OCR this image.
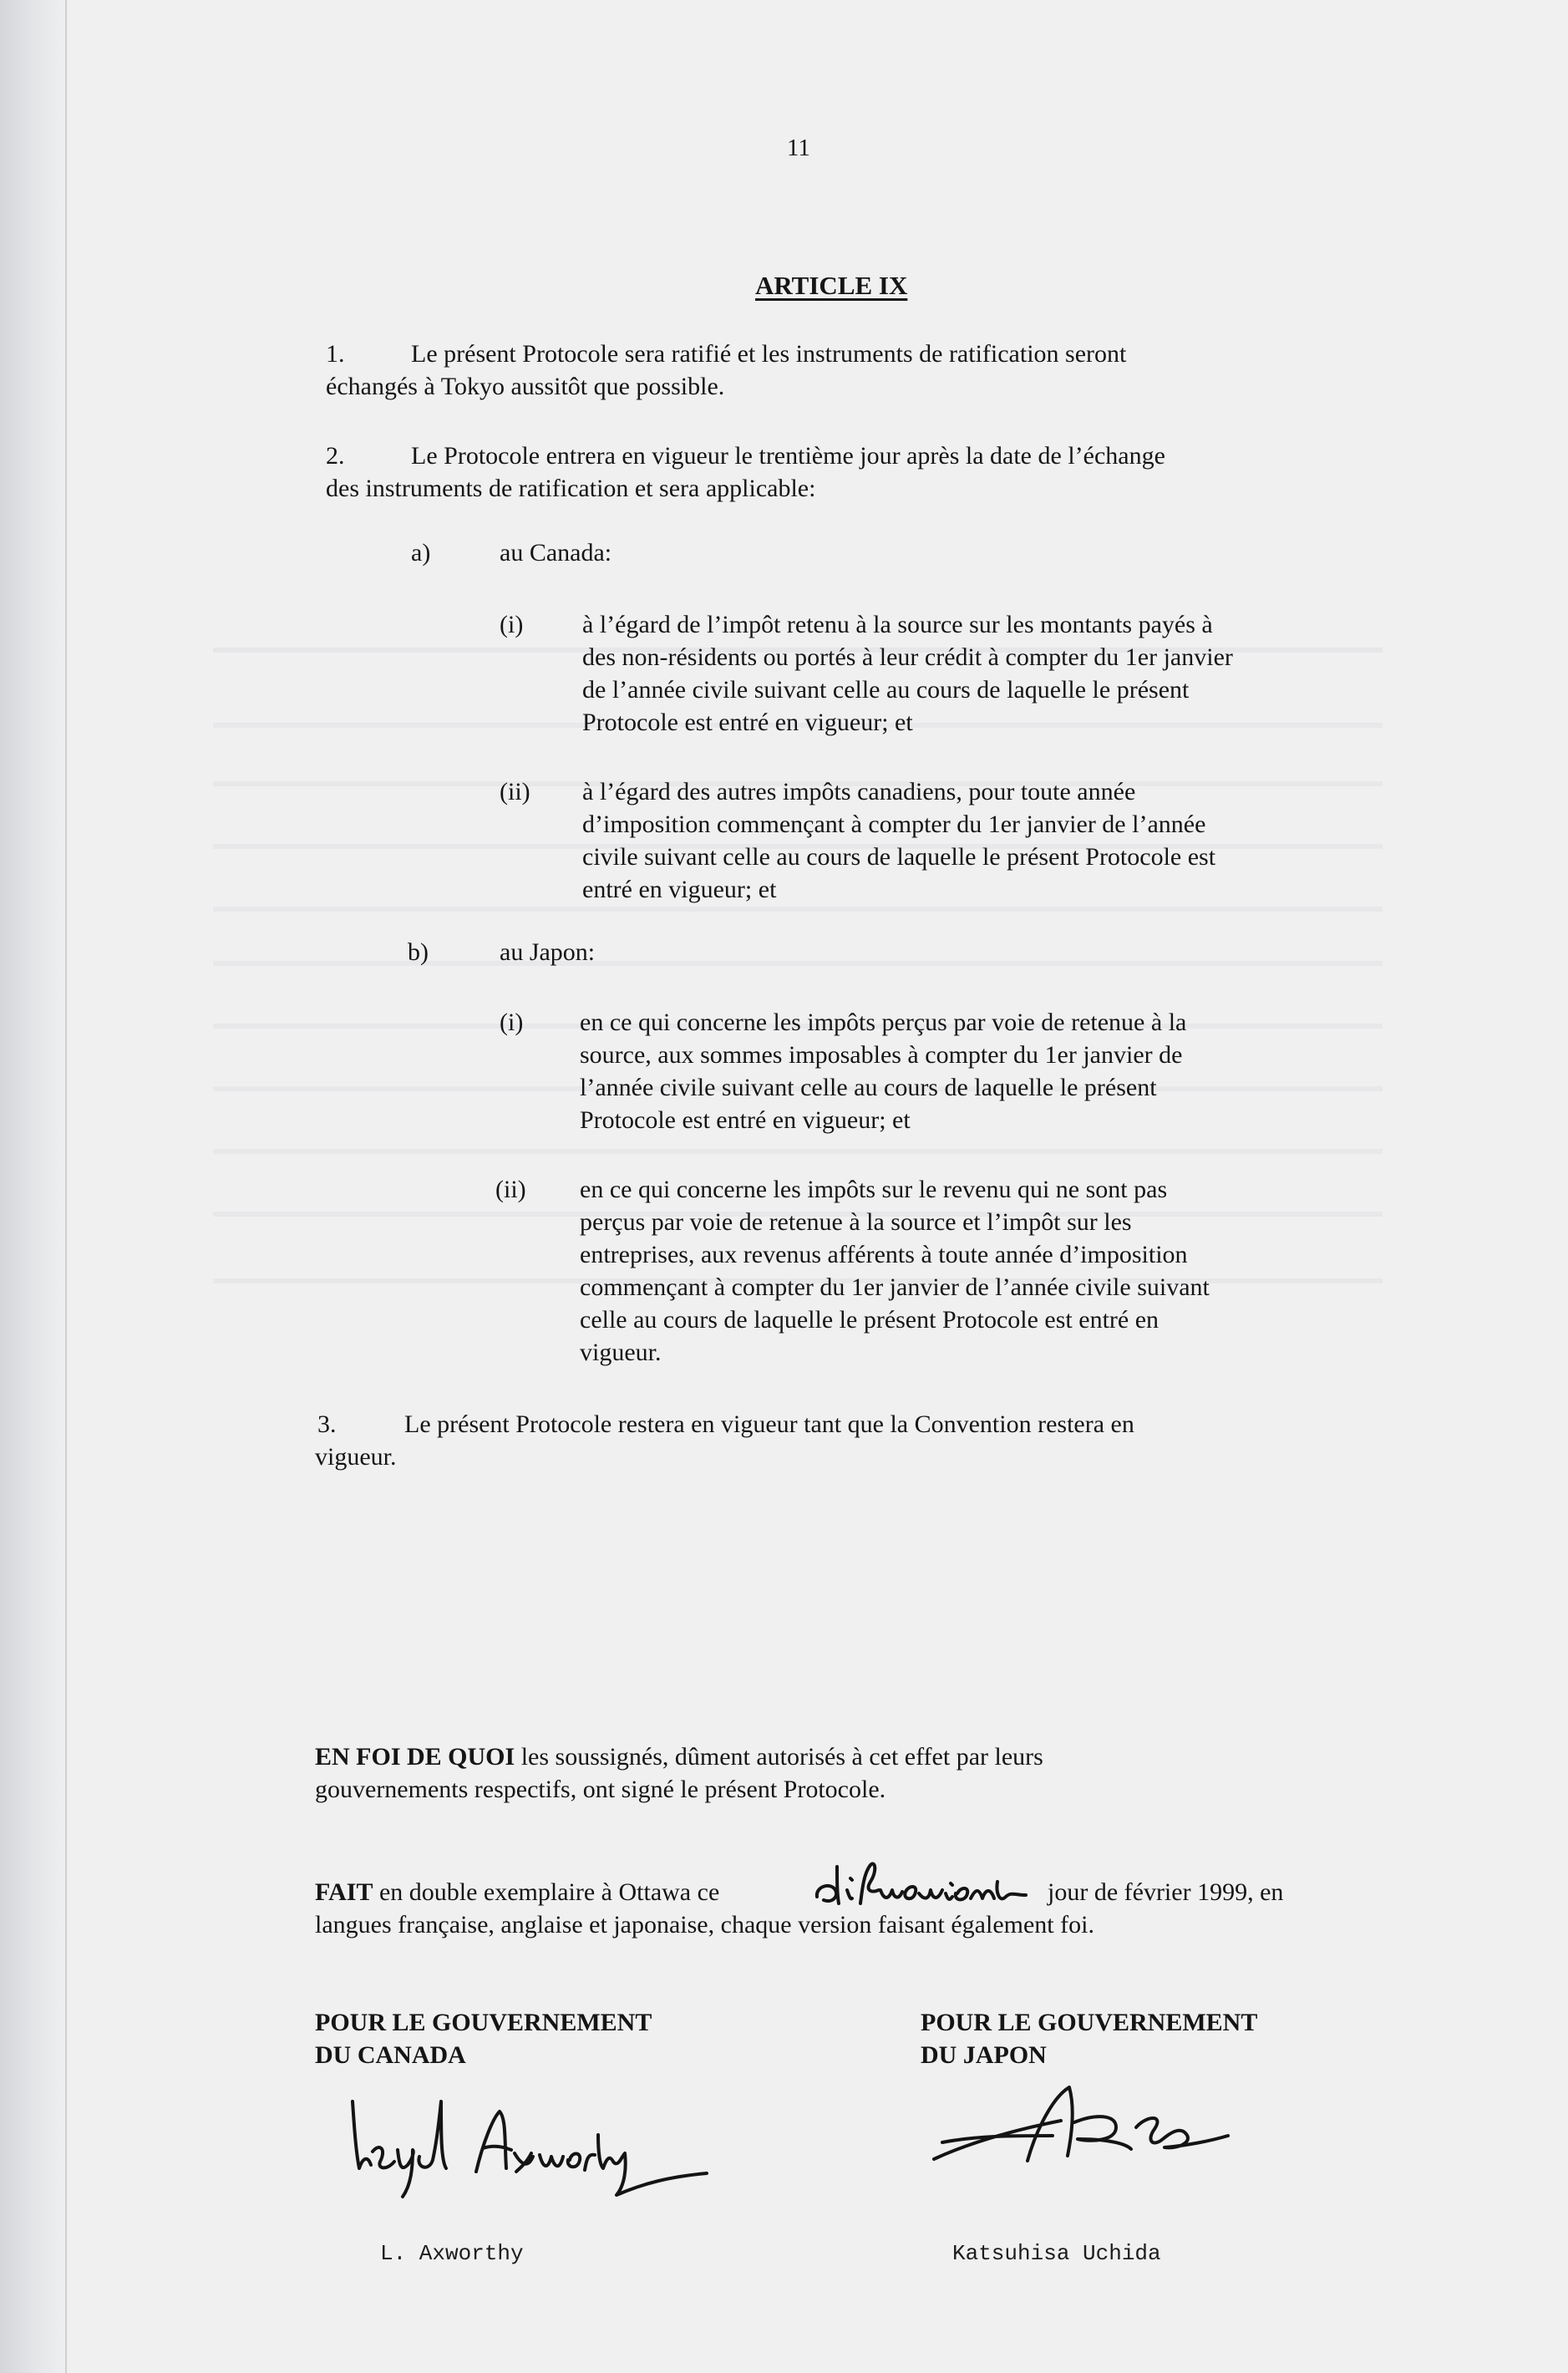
11
ARTICLE IX
1.	Le présent Protocole sera ratifié et les instruments de ratification seront
échangés à Tokyo aussitôt que possible.
2.	Le Protocole entrera en vigueur le trentième jour après la date de l’échange
des instruments de ratification et sera applicable:
a)	au Canada:
(i) à l’égard de l’impôt retenu à la source sur les montants payés à
des non-résidents ou portés à leur crédit à compter du 1er janvier
de l’année civile suivant celle au cours de laquelle le présent
Protocole est entré en vigueur; et
(ii) à l’égard des autres impôts canadiens, pour toute année
d’imposition commençant à compter du 1er janvier de l’année
civile suivant celle au cours de laquelle le présent Protocole est
entré en vigueur; et
b)	au Japon:
(i) en ce qui concerne les impôts perçus par voie de retenue à la
source, aux sommes imposables à compter du 1er janvier de
l’année civile suivant celle au cours de laquelle le présent
Protocole est entré en vigueur; et
(ii) en ce qui concerne les impôts sur le revenu qui ne sont pas
perçus par voie de retenue à la source et l’impôt sur les
entreprises, aux revenus afférents à toute année d’imposition
commençant à compter du 1er janvier de l’année civile suivant
celle au cours de laquelle le présent Protocole est entré en
vigueur.
3.	Le présent Protocole restera en vigueur tant que la Convention restera en
vigueur.
EN FOI DE QUOI les soussignés, dûment autorisés à cet effet par leurs
gouvernements respectifs, ont signé le présent Protocole.
FAIT en double exemplaire à Ottawa ce	jour de février 1999, en
langues française, anglaise et japonaise, chaque version faisant également foi.
POUR LE GOUVERNEMENT
DU CANADA
POUR LE GOUVERNEMENT
DU JAPON
L. Axworthy	Katsuhisa Uchida
